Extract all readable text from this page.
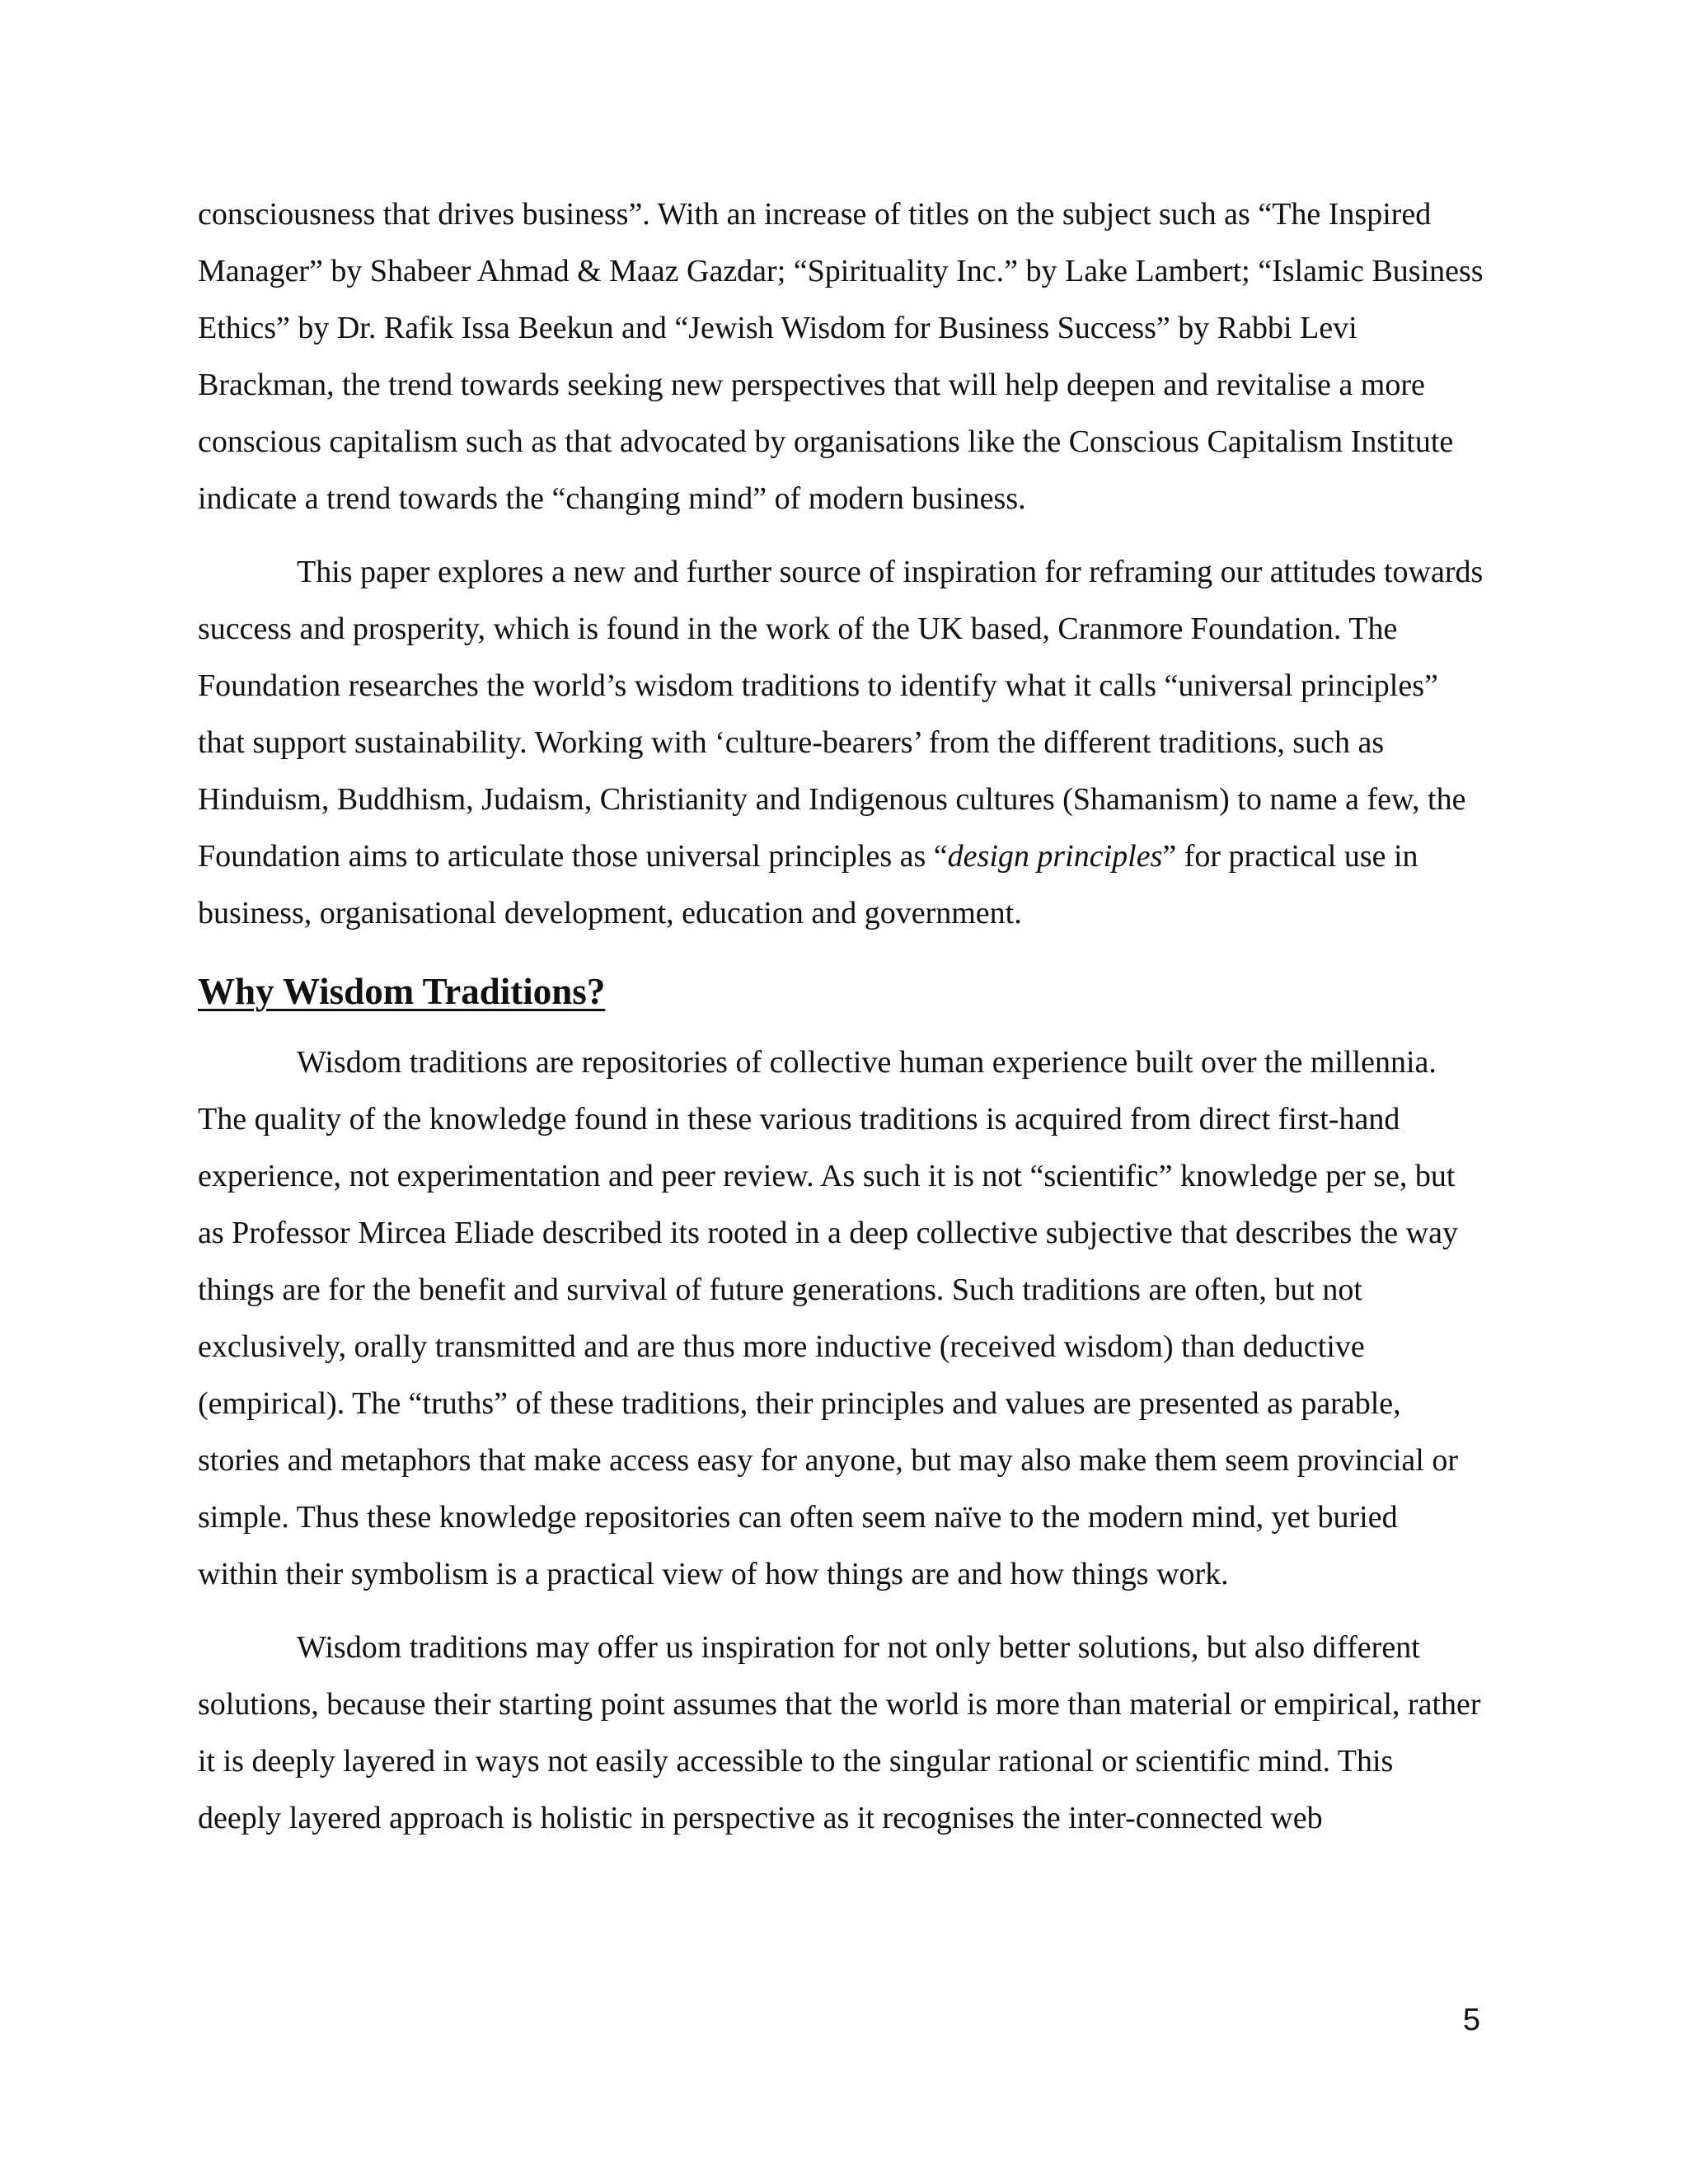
consciousness that drives business”. With an increase of titles on the subject such as “The Inspired Manager” by Shabeer Ahmad & Maaz Gazdar; “Spirituality Inc.” by Lake Lambert; “Islamic Business Ethics” by Dr. Rafik Issa Beekun and “Jewish Wisdom for Business Success” by Rabbi Levi Brackman, the trend towards seeking new perspectives that will help deepen and revitalise a more conscious capitalism such as that advocated by organisations like the Conscious Capitalism Institute indicate a trend towards the “changing mind” of modern business.

This paper explores a new and further source of inspiration for reframing our attitudes towards success and prosperity, which is found in the work of the UK based, Cranmore Foundation. The Foundation researches the world’s wisdom traditions to identify what it calls “universal principles” that support sustainability. Working with ‘culture-bearers’ from the different traditions, such as Hinduism, Buddhism, Judaism, Christianity and Indigenous cultures (Shamanism) to name a few, the Foundation aims to articulate those universal principles as “design principles” for practical use in business, organisational development, education and government.

Why Wisdom Traditions?

Wisdom traditions are repositories of collective human experience built over the millennia. The quality of the knowledge found in these various traditions is acquired from direct first-hand experience, not experimentation and peer review. As such it is not “scientific” knowledge per se, but as Professor Mircea Eliade described its rooted in a deep collective subjective that describes the way things are for the benefit and survival of future generations. Such traditions are often, but not exclusively, orally transmitted and are thus more inductive (received wisdom) than deductive (empirical). The “truths” of these traditions, their principles and values are presented as parable, stories and metaphors that make access easy for anyone, but may also make them seem provincial or simple. Thus these knowledge repositories can often seem naïve to the modern mind, yet buried within their symbolism is a practical view of how things are and how things work.

Wisdom traditions may offer us inspiration for not only better solutions, but also different solutions, because their starting point assumes that the world is more than material or empirical, rather it is deeply layered in ways not easily accessible to the singular rational or scientific mind. This deeply layered approach is holistic in perspective as it recognises the inter-connected web

5
